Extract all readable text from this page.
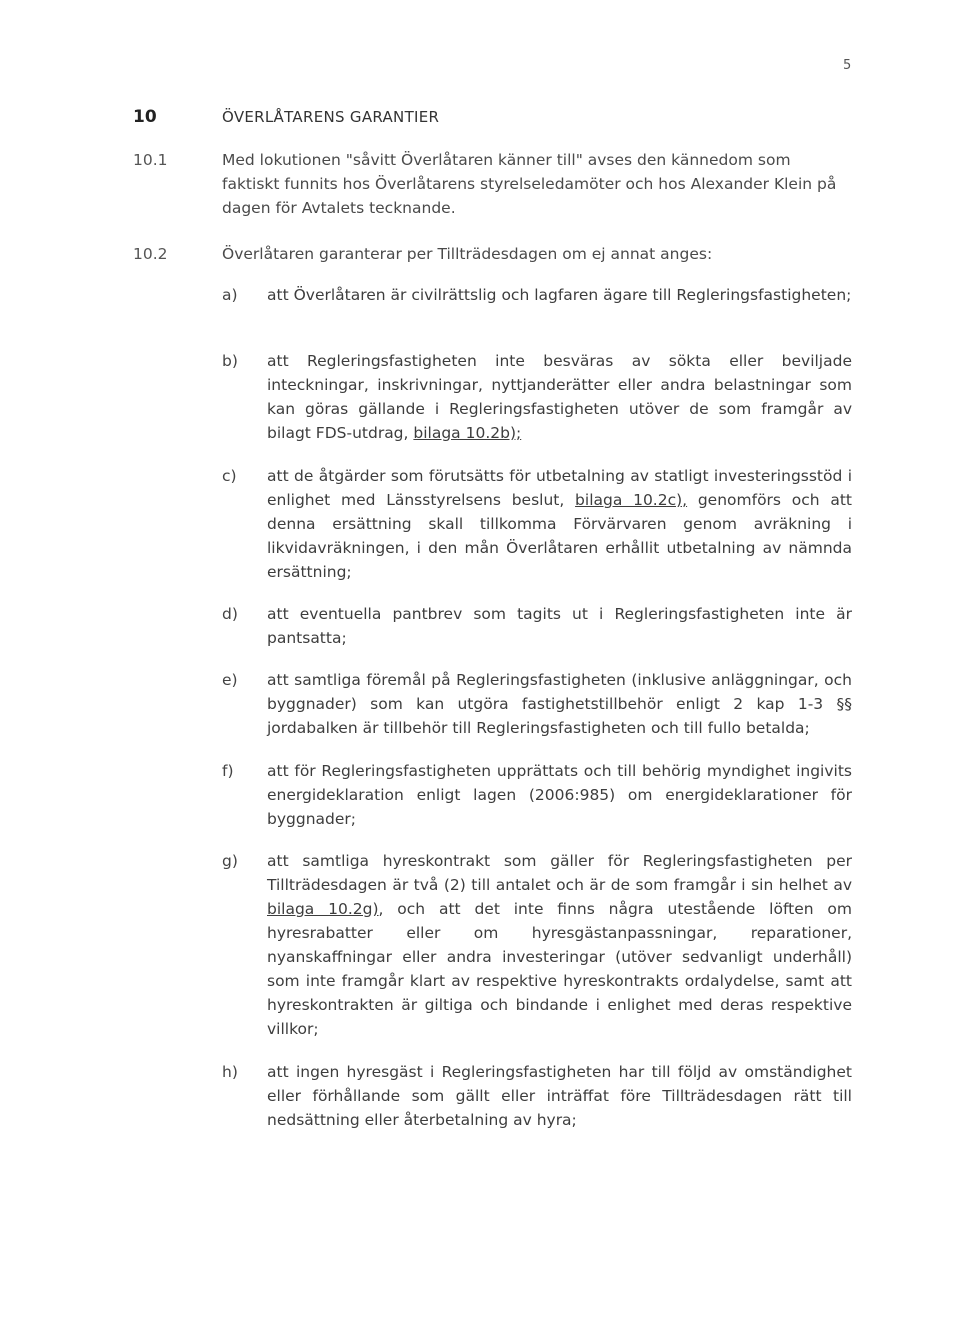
5
10	ÖVERLÅTARENS GARANTIER
10.1	Med lokutionen "såvitt Överlåtaren känner till" avses den kännedom som faktiskt funnits hos Överlåtarens styrelseledamöter och hos Alexander Klein på dagen för Avtalets tecknande.

10.2	Överlåtaren garanterar per Tillträdesdagen om ej annat anges:

a) att Överlåtaren är civilrättslig och lagfaren ägare till Regleringsfastigheten;

b) att Regleringsfastigheten inte besväras av sökta eller beviljade inteckningar, inskrivningar, nyttjanderätter eller andra belastningar som kan göras gällande i Regleringsfastigheten utöver de som framgår av bilagt FDS-utdrag, bilaga 10.2b);

c) att de åtgärder som förutsätts för utbetalning av statligt investeringsstöd i enlighet med Länsstyrelsens beslut, bilaga 10.2c), genomförs och att denna ersättning skall tillkomma Förvärvaren genom avräkning i likvidavräkningen, i den mån Överlåtaren erhållit utbetalning av nämnda ersättning;

d) att eventuella pantbrev som tagits ut i Regleringsfastigheten inte är pantsatta;

e) att samtliga föremål på Regleringsfastigheten (inklusive anläggningar, och byggnader) som kan utgöra fastighetstillbehör enligt 2 kap 1-3 §§ jordabalken är tillbehör till Regleringsfastigheten och till fullo betalda;

f) att för Regleringsfastigheten upprättats och till behörig myndighet ingivits energideklaration enligt lagen (2006:985) om energideklarationer för byggnader;

g) att samtliga hyreskontrakt som gäller för Regleringsfastigheten per Tillträdesdagen är två (2) till antalet och är de som framgår i sin helhet av bilaga 10.2g), och att det inte finns några utestående löften om hyresrabatter eller om hyresgästanpassningar, reparationer, nyanskaffningar eller andra investeringar (utöver sedvanligt underhåll) som inte framgår klart av respektive hyreskontrakts ordalydelse, samt att hyreskontrakten är giltiga och bindande i enlighet med deras respektive villkor;

h) att ingen hyresgäst i Regleringsfastigheten har till följd av omständighet eller förhållande som gällt eller inträffat före Tillträdesdagen rätt till nedsättning eller återbetalning av hyra;
